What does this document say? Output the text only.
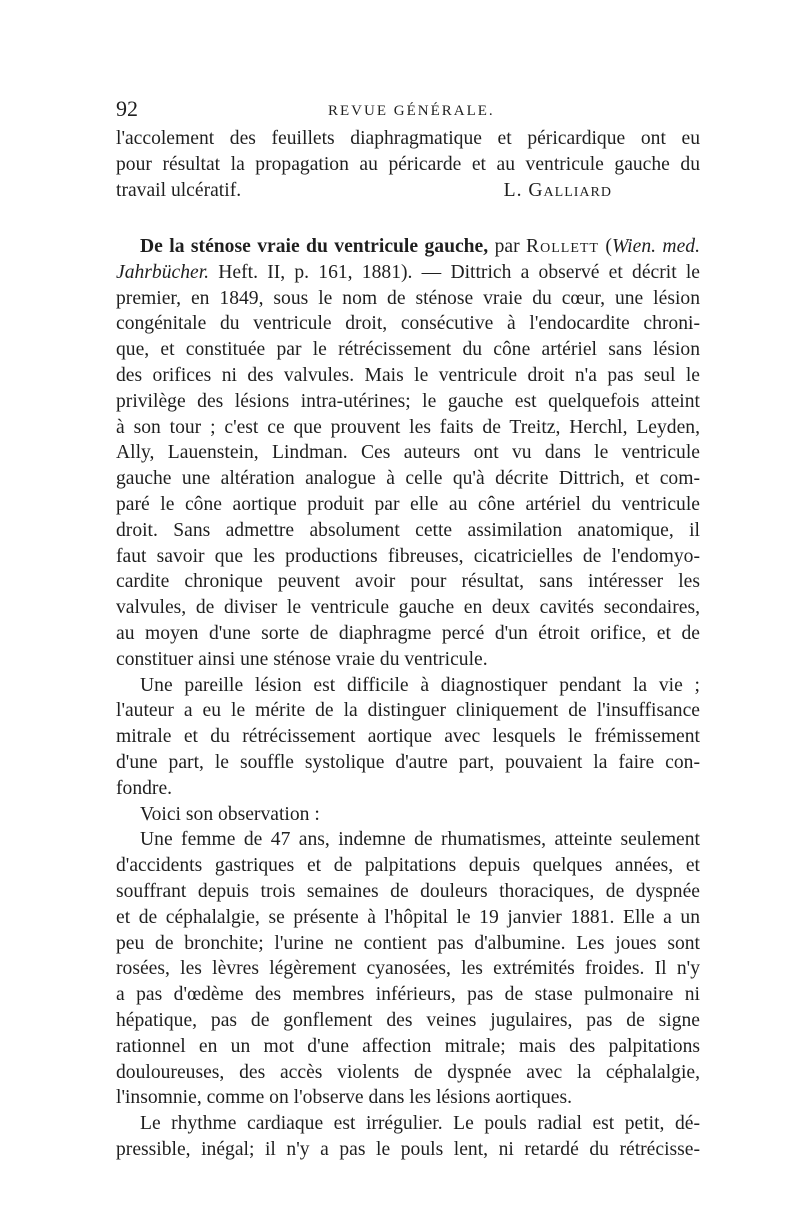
92	REVUE GÉNÉRALE.
l'accolement des feuillets diaphragmatique et péricardique ont eu
pour résultat la propagation au péricarde et au ventricule gauche du
travail ulcératif.	L. Galliard
De la sténose vraie du ventricule gauche, par Rollett (Wien. med.
Jahrbücher. Heft. II, p. 161, 1881). — Dittrich a observé et décrit le
premier, en 1849, sous le nom de sténose vraie du cœur, une lésion
congénitale du ventricule droit, consécutive à l'endocardite chroni-
que, et constituée par le rétrécissement du cône artériel sans lésion
des orifices ni des valvules. Mais le ventricule droit n'a pas seul le
privilège des lésions intra-utérines; le gauche est quelquefois atteint
à son tour ; c'est ce que prouvent les faits de Treitz, Herchl, Leyden,
Ally, Lauenstein, Lindman. Ces auteurs ont vu dans le ventricule
gauche une altération analogue à celle qu'à décrite Dittrich, et com-
paré le cône aortique produit par elle au cône artériel du ventricule
droit. Sans admettre absolument cette assimilation anatomique, il
faut savoir que les productions fibreuses, cicatricielles de l'endomyo-
cardite chronique peuvent avoir pour résultat, sans intéresser les
valvules, de diviser le ventricule gauche en deux cavités secondaires,
au moyen d'une sorte de diaphragme percé d'un étroit orifice, et de
constituer ainsi une sténose vraie du ventricule.
Une pareille lésion est difficile à diagnostiquer pendant la vie ;
l'auteur a eu le mérite de la distinguer cliniquement de l'insuffisance
mitrale et du rétrécissement aortique avec lesquels le frémissement
d'une part, le souffle systolique d'autre part, pouvaient la faire con-
fondre.
Voici son observation :
Une femme de 47 ans, indemne de rhumatismes, atteinte seulement
d'accidents gastriques et de palpitations depuis quelques années, et
souffrant depuis trois semaines de douleurs thoraciques, de dyspnée
et de céphalalgie, se présente à l'hôpital le 19 janvier 1881. Elle a un
peu de bronchite; l'urine ne contient pas d'albumine. Les joues sont
rosées, les lèvres légèrement cyanosées, les extrémités froides. Il n'y
a pas d'œdème des membres inférieurs, pas de stase pulmonaire ni
hépatique, pas de gonflement des veines jugulaires, pas de signe
rationnel en un mot d'une affection mitrale; mais des palpitations
douloureuses, des accès violents de dyspnée avec la céphalalgie,
l'insomnie, comme on l'observe dans les lésions aortiques.
Le rhythme cardiaque est irrégulier. Le pouls radial est petit, dé-
pressible, inégal; il n'y a pas le pouls lent, ni retardé du rétrécisse-
